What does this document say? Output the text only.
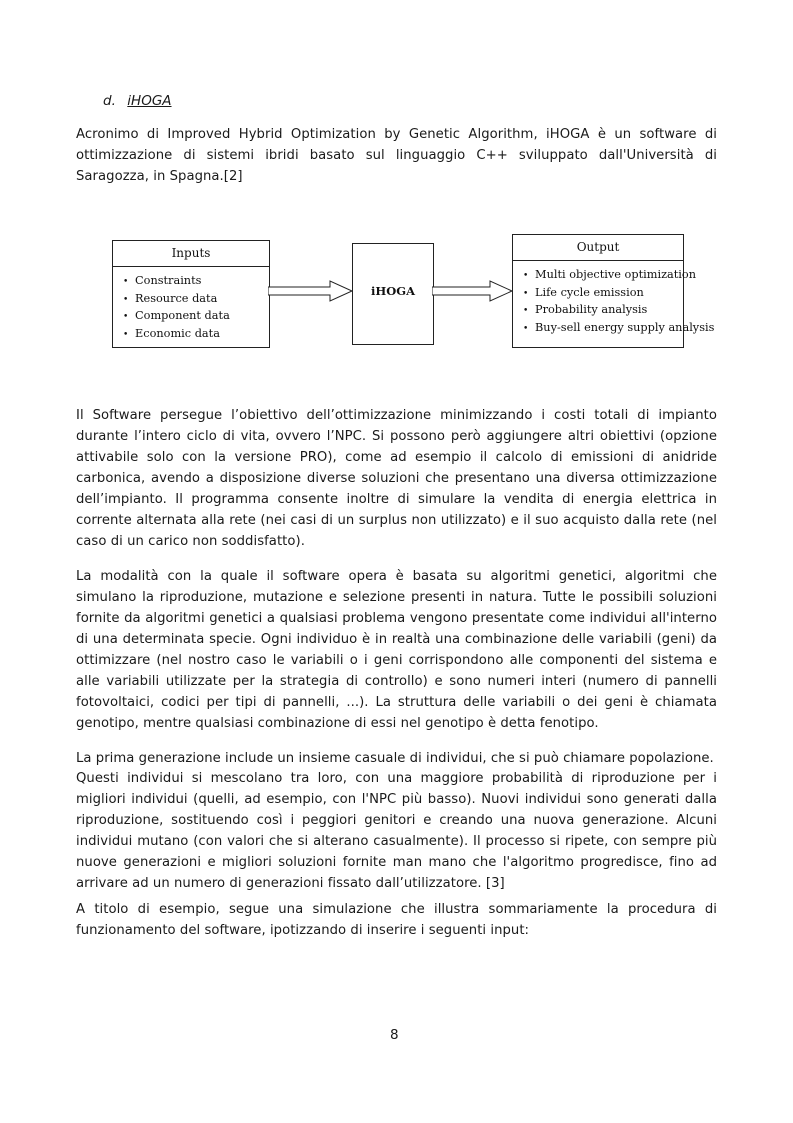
d. iHOGA

Acronimo di Improved Hybrid Optimization by Genetic Algorithm, iHOGA è un software di ottimizzazione di sistemi ibridi basato sul linguaggio C++ sviluppato dall'Università di Saragozza, in Spagna.[2]

Inputs
• Constraints
• Resource data
• Component data
• Economic data
iHOGA
Output
• Multi objective optimization
• Life cycle emission
• Probability analysis
• Buy-sell energy supply analysis

Il Software persegue l’obiettivo dell’ottimizzazione minimizzando i costi totali di impianto durante l’intero ciclo di vita, ovvero l’NPC. Si possono però aggiungere altri obiettivi (opzione attivabile solo con la versione PRO), come ad esempio il calcolo di emissioni di anidride carbonica, avendo a disposizione diverse soluzioni che presentano una diversa ottimizzazione dell’impianto. Il programma consente inoltre di simulare la vendita di energia elettrica in corrente alternata alla rete (nei casi di un surplus non utilizzato) e il suo acquisto dalla rete (nel caso di un carico non soddisfatto).

La modalità con la quale il software opera è basata su algoritmi genetici, algoritmi che simulano la riproduzione, mutazione e selezione presenti in natura. Tutte le possibili soluzioni fornite da algoritmi genetici a qualsiasi problema vengono presentate come individui all'interno di una determinata specie. Ogni individuo è in realtà una combinazione delle variabili (geni) da ottimizzare (nel nostro caso le variabili o i geni corrispondono alle componenti del sistema e alle variabili utilizzate per la strategia di controllo) e sono numeri interi (numero di pannelli fotovoltaici, codici per tipi di pannelli, ...). La struttura delle variabili o dei geni è chiamata genotipo, mentre qualsiasi combinazione di essi nel genotipo è detta fenotipo.

La prima generazione include un insieme casuale di individui, che si può chiamare popolazione.

Questi individui si mescolano tra loro, con una maggiore probabilità di riproduzione per i migliori individui (quelli, ad esempio, con l'NPC più basso). Nuovi individui sono generati dalla riproduzione, sostituendo così i peggiori genitori e creando una nuova generazione. Alcuni individui mutano (con valori che si alterano casualmente). Il processo si ripete, con sempre più nuove generazioni e migliori soluzioni fornite man mano che l'algoritmo progredisce, fino ad arrivare ad un numero di generazioni fissato dall’utilizzatore. [3]

A titolo di esempio, segue una simulazione che illustra sommariamente la procedura di funzionamento del software, ipotizzando di inserire i seguenti input:

8
